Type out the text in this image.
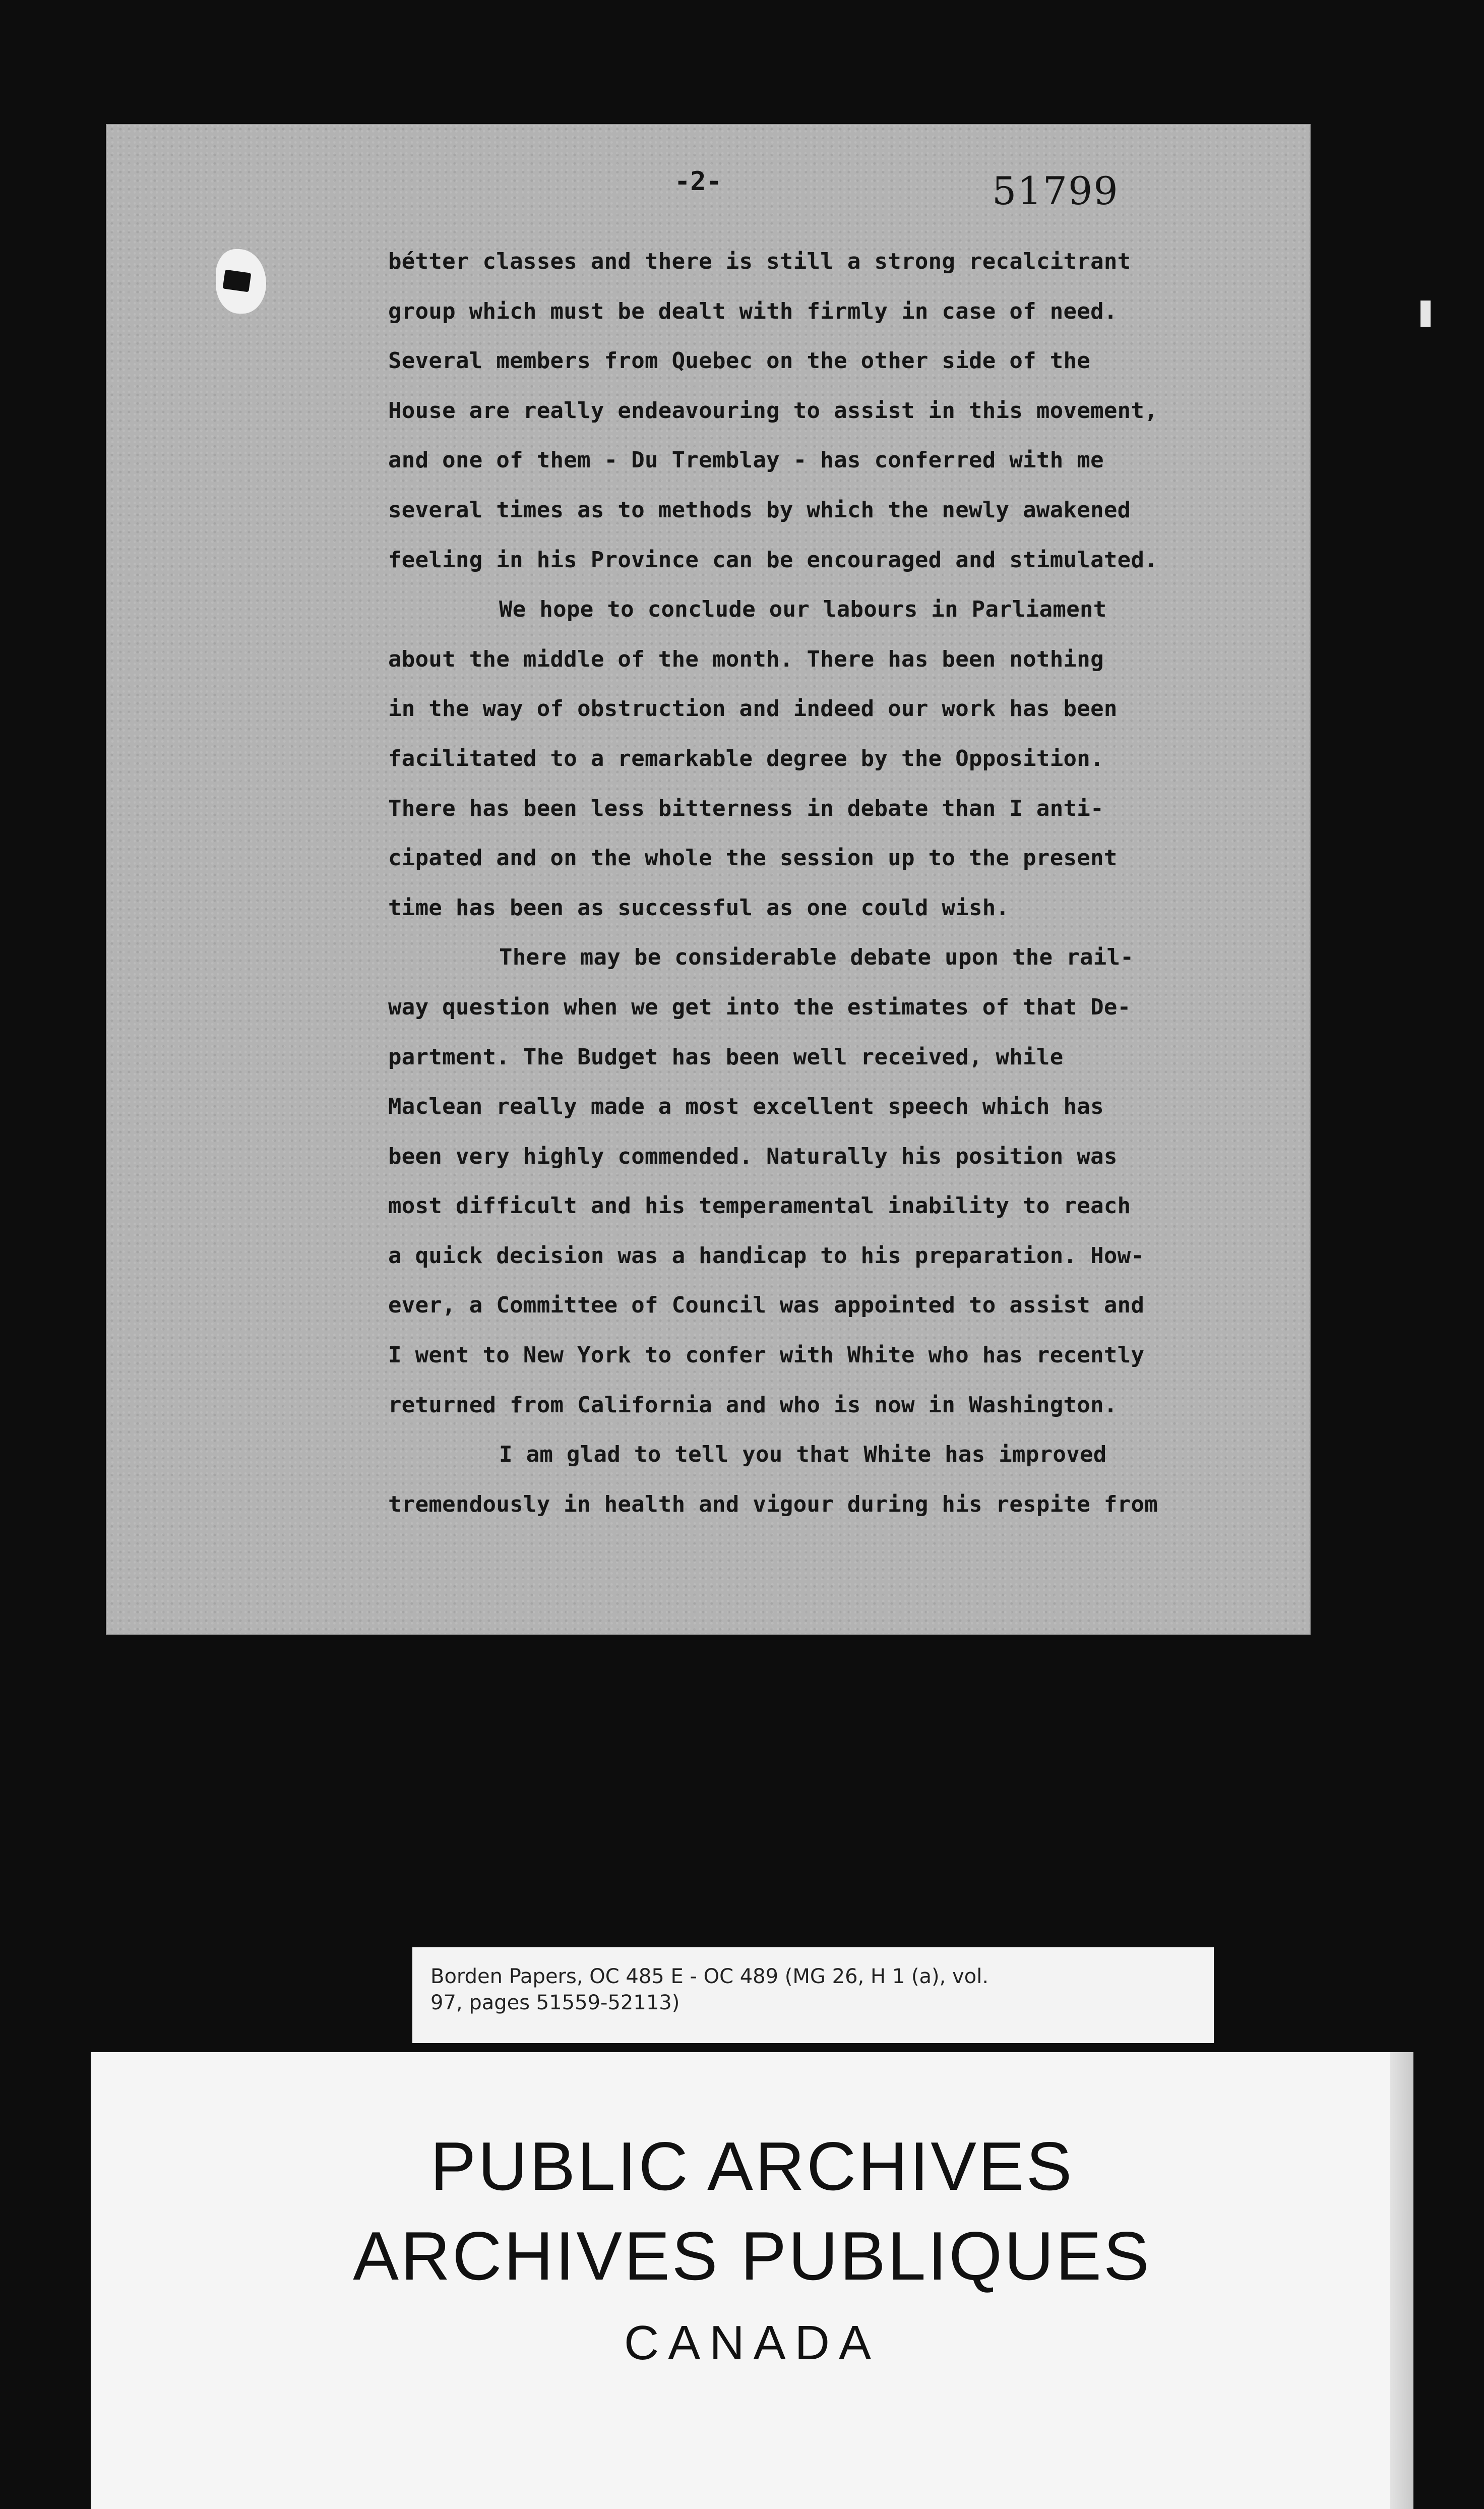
-2-	51799
bétter classes and there is still a strong recalcitrant
group which must be dealt with firmly in case of need.
Several members from Quebec on the other side of the
House are really endeavouring to assist in this movement,
and one of them - Du Tremblay - has conferred with me
several times as to methods by which the newly awakened
feeling in his Province can be encouraged and stimulated.
We hope to conclude our labours in Parliament
about the middle of the month. There has been nothing
in the way of obstruction and indeed our work has been
facilitated to a remarkable degree by the Opposition.
There has been less bitterness in debate than I anti-
cipated and on the whole the session up to the present
time has been as successful as one could wish.
There may be considerable debate upon the rail-
way question when we get into the estimates of that De-
partment. The Budget has been well received, while
Maclean really made a most excellent speech which has
been very highly commended. Naturally his position was
most difficult and his temperamental inability to reach
a quick decision was a handicap to his preparation. How-
ever, a Committee of Council was appointed to assist and
I went to New York to confer with White who has recently
returned from California and who is now in Washington.
I am glad to tell you that White has improved
tremendously in health and vigour during his respite from
Borden Papers, OC 485 E - OC 489 (MG 26, H 1 (a), vol.
97, pages 51559-52113)
PUBLIC ARCHIVES
ARCHIVES PUBLIQUES
CANADA
